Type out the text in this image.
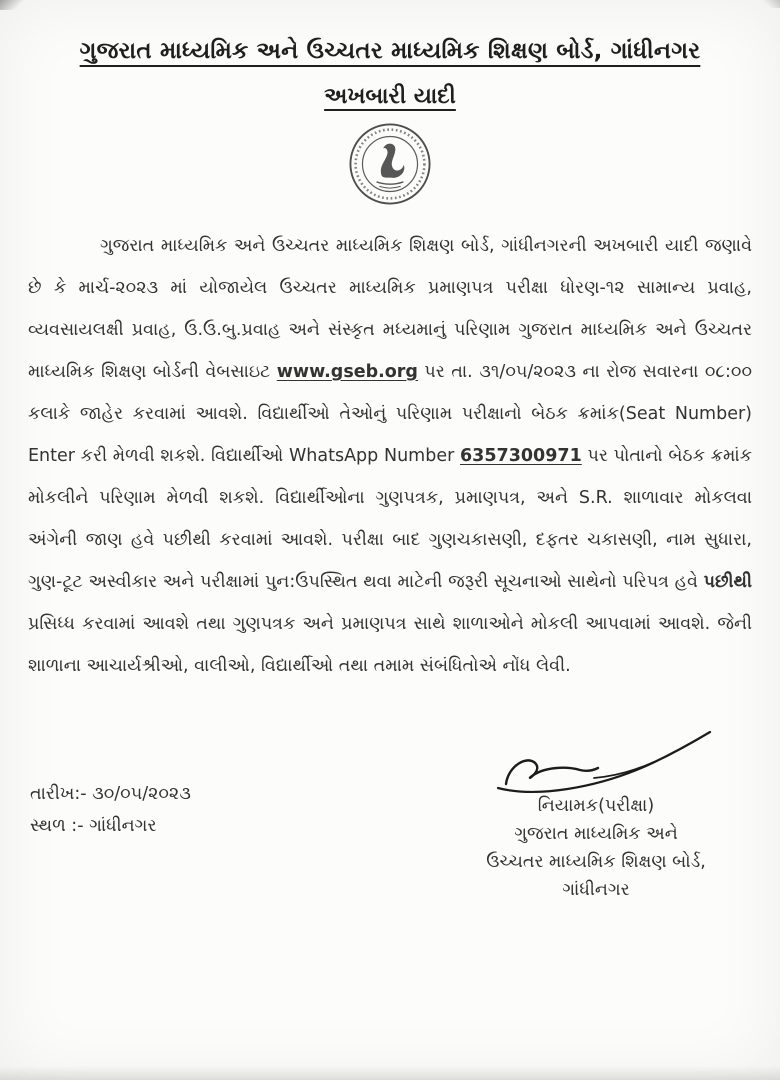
ગુજરાત માધ્યમિક અને ઉચ્ચતર માધ્યમિક શિક્ષણ બોર્ડ, ગાંધીનગર
અખબારી યાદી

ગુજરાત માધ્યમિક અને ઉચ્ચતર માધ્યમિક શિક્ષણ બોર્ડ, ગાંધીનગરની અખબારી યાદી જણાવે છે કે માર્ચ-૨૦૨૩ માં યોજાયેલ ઉચ્ચતર માધ્યમિક પ્રમાણપત્ર પરીક્ષા ધોરણ-૧૨ સામાન્ય પ્રવાહ, વ્યવસાયલક્ષી પ્રવાહ, ઉ.ઉ.બુ.પ્રવાહ અને સંસ્કૃત મધ્યમાનું પરિણામ ગુજરાત માધ્યમિક અને ઉચ્ચતર માધ્યમિક શિક્ષણ બોર્ડની વેબસાઇટ www.gseb.org પર તા. ૩૧/૦૫/૨૦૨૩ ના રોજ સવારના ૦૮:૦૦ કલાકે જાહેર કરવામાં આવશે. વિદ્યાર્થીઓ તેઓનું પરિણામ પરીક્ષાનો બેઠક ક્રમાંક(Seat Number) Enter કરી મેળવી શકશે. વિદ્યાર્થીઓ WhatsApp Number 6357300971 પર પોતાનો બેઠક ક્રમાંક મોકલીને પરિણામ મેળવી શકશે. વિદ્યાર્થીઓના ગુણપત્રક, પ્રમાણપત્ર, અને S.R. શાળાવાર મોકલવા અંગેની જાણ હવે પછીથી કરવામાં આવશે. પરીક્ષા બાદ ગુણચકાસણી, દફતર ચકાસણી, નામ સુધારા, ગુણ-ટૂટ અસ્વીકાર અને પરીક્ષામાં પુન:ઉપસ્થિત થવા માટેની જરૂરી સૂચનાઓ સાથેનો પરિપત્ર હવે પછીથી પ્રસિધ્ધ કરવામાં આવશે તથા ગુણપત્રક અને પ્રમાણપત્ર સાથે શાળાઓને મોકલી આપવામાં આવશે. જેની શાળાના આચાર્યશ્રીઓ, વાલીઓ, વિદ્યાર્થીઓ તથા તમામ સંબંધિતોએ નોંધ લેવી.

તારીખ:- ૩૦/૦૫/૨૦૨૩
સ્થળ :- ગાંધીનગર
નિયામક(પરીક્ષા)
ગુજરાત માધ્યમિક અને
ઉચ્ચતર માધ્યમિક શિક્ષણ બોર્ડ,
ગાંધીનગર
